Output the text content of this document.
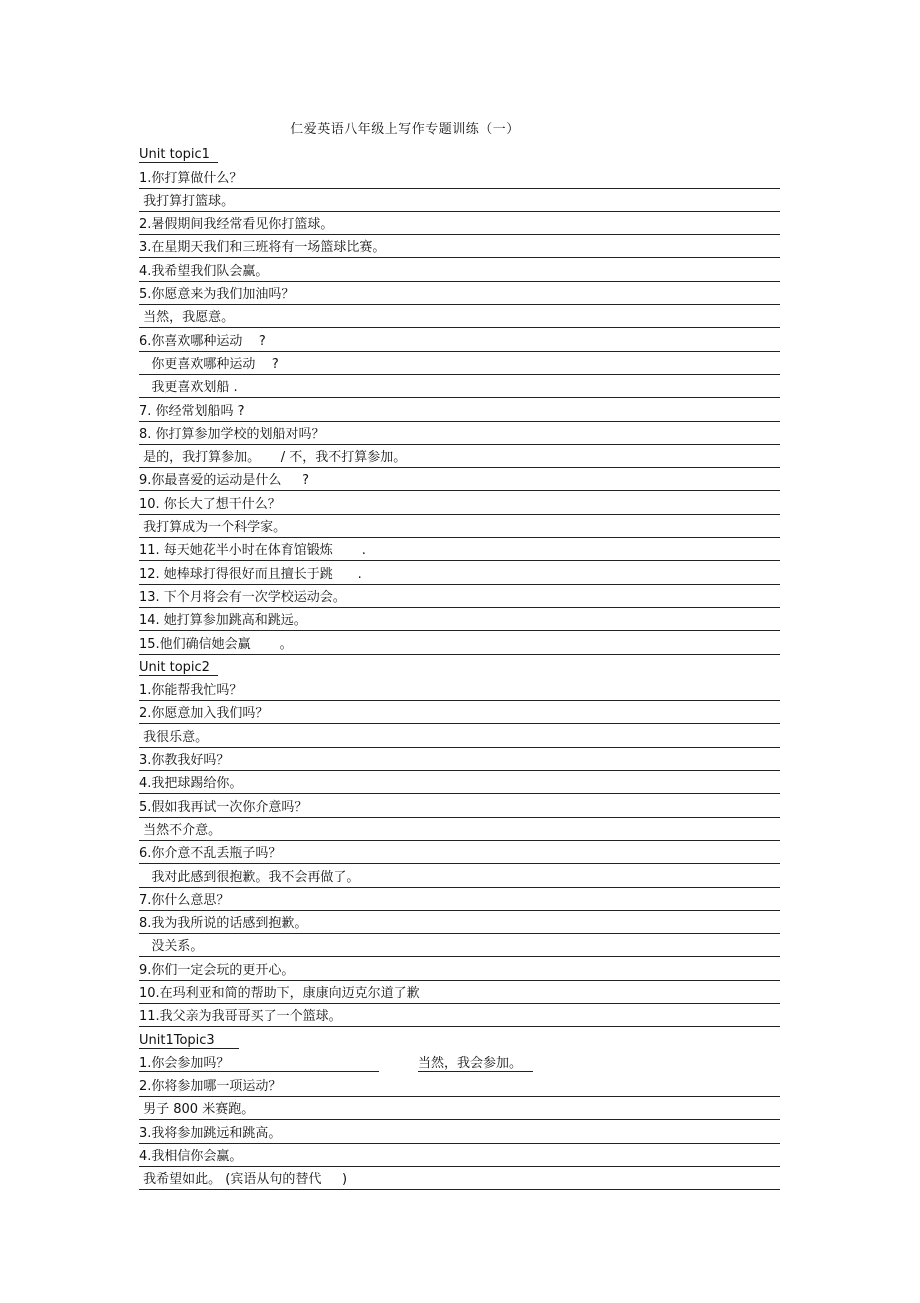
仁爱英语八年级上写作专题训练（一）
Unit topic1
1.你打算做什么？
我打算打篮球。
2.暑假期间我经常看见你打篮球。
3.在星期天我们和三班将有一场篮球比赛。
4.我希望我们队会赢。
5.你愿意来为我们加油吗？
当然，我愿意。
6.你喜欢哪种运动    ?
你更喜欢哪种运动    ?
我更喜欢划船 .
7. 你经常划船吗 ?
8. 你打算参加学校的划船对吗？
是的，我打算参加。     / 不，我不打算参加。
9.你最喜爱的运动是什么     ?
10. 你长大了想干什么？
我打算成为一个科学家。
11. 每天她花半小时在体育馆锻炼       .
12. 她棒球打得很好而且擅长于跳      .
13. 下个月将会有一次学校运动会。
14. 她打算参加跳高和跳远。
15.他们确信她会赢       。
Unit topic2
1.你能帮我忙吗？
2.你愿意加入我们吗？
我很乐意。
3.你教我好吗？
4.我把球踢给你。
5.假如我再试一次你介意吗？
当然不介意。
6.你介意不乱丢瓶子吗？
我对此感到很抱歉。我不会再做了。
7.你什么意思？
8.我为我所说的话感到抱歉。
没关系。
9.你们一定会玩的更开心。
10.在玛利亚和简的帮助下，康康向迈克尔道了歉
11.我父亲为我哥哥买了一个篮球。
Unit1Topic3
1.你会参加吗？	当然，我会参加。
2.你将参加哪一项运动？
男子 800 米赛跑。
3.我将参加跳远和跳高。
4.我相信你会赢。
我希望如此。 (宾语从句的替代     )
